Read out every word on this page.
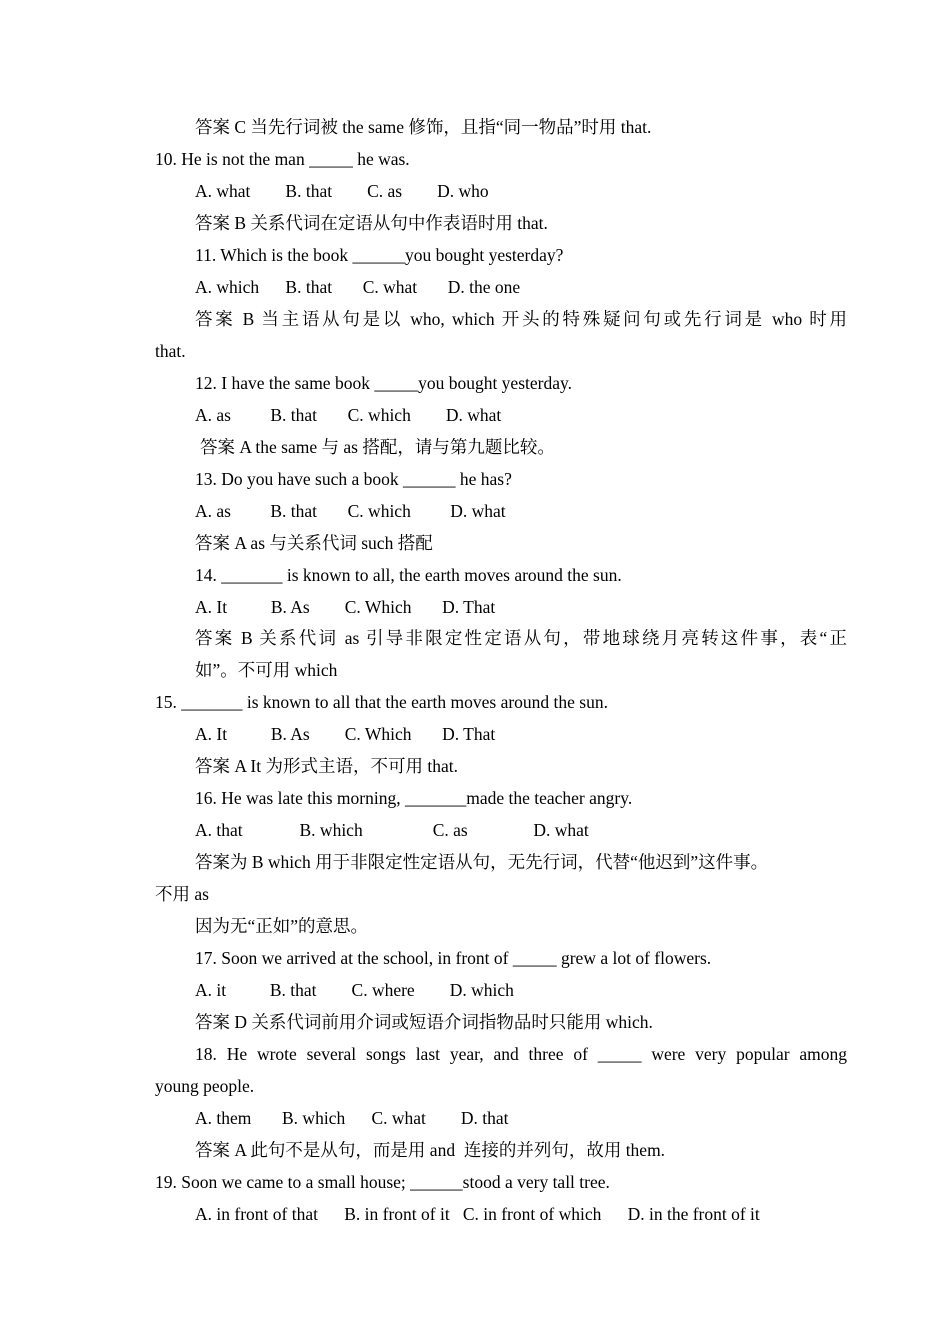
答案 C 当先行词被 the same 修饰，且指“同一物品”时用 that.
10. He is not the man _____ he was.
A. what        B. that        C. as        D. who
答案 B 关系代词在定语从句中作表语时用 that.
11. Which is the book ______you bought yesterday?
A. which      B. that       C. what       D. the one
答案 B 当主语从句是以 who, which 开头的特殊疑问句或先行词是 who 时用
that.
12. I have the same book _____you bought yesterday.
A. as         B. that       C. which        D. what
答案 A the same 与 as 搭配，请与第九题比较。
13. Do you have such a book ______ he has?
A. as         B. that       C. which         D. what
答案 A as 与关系代词 such 搭配
14. _______ is known to all, the earth moves around the sun.
A. It          B. As        C. Which       D. That
答案 B 关系代词 as 引导非限定性定语从句，带地球绕月亮转这件事，表“正
如”。不可用 which
15. _______ is known to all that the earth moves around the sun.
A. It          B. As        C. Which       D. That
答案 A It 为形式主语，不可用 that.
16. He was late this morning, _______made the teacher angry.
A. that             B. which                C. as               D. what
答案为 B which 用于非限定性定语从句，无先行词，代替“他迟到”这件事。
不用 as
因为无“正如”的意思。
17. Soon we arrived at the school, in front of _____ grew a lot of flowers.
A. it          B. that        C. where        D. which
答案 D 关系代词前用介词或短语介词指物品时只能用 which.
18. He wrote several songs last year, and three of _____ were very popular among
young people.
A. them       B. which      C. what        D. that
答案 A 此句不是从句，而是用 and  连接的并列句，故用 them.
19. Soon we came to a small house; ______stood a very tall tree.
A. in front of that      B. in front of it   C. in front of which      D. in the front of it
